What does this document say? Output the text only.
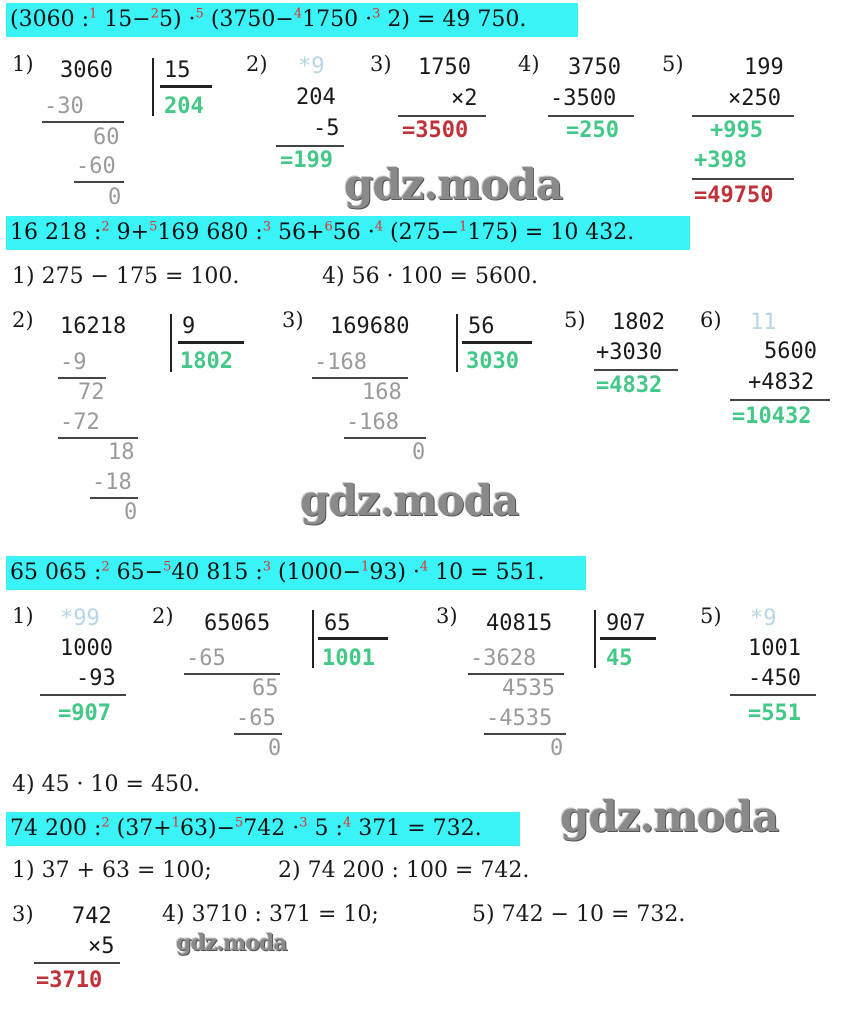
(3060 :$^1$ 15−$^2$5) ·$^5$ (3750−$^4$1750 ·$^3$ 2) = 49 750.
1) 3060 15
204
-30
60
-60
0
2) *9
204
-5
=199
3) 1750
×2
=3500
4) 3750
-3500
=250
5)	199
×250
+995
+398
=49750
gdz.moda
16 218 :$^2$ 9+$^5$169 680 :$^3$ 56+$^6$56 ·$^4$ (275−$^1$175) = 10 432.
1) 275 − 175 = 100.	4) 56 · 100 = 5600.
2) 16218	9
1802
-9
72
-72
18
-18
0
3) 169680	56
3030
-168
168
-168
0
5) 1802
+3030
=4832
6) 11
5600
+4832
=10432
gdz.moda
65 065 :$^2$ 65−$^5$40 815 :$^3$ (1000−$^1$93) ·$^4$ 10 = 551.
1) *99
1000
-93
=907
2) 65065 65
1001
-65
65
-65
0
3) 40815 907
45
-3628
4535
-4535
0
5) *9
1001
-450
=551
4) 45 · 10 = 450.
gdz.moda
74 200 :$^2$ (37+$^1$63)−$^5$742 ·$^3$ 5 :$^4$ 371 = 732.
1) 37 + 63 = 100;	2) 74 200 : 100 = 742.
3) 742
×5
=3710
4) 3710 : 371 = 10;	5) 742 − 10 = 732.
gdz.moda
